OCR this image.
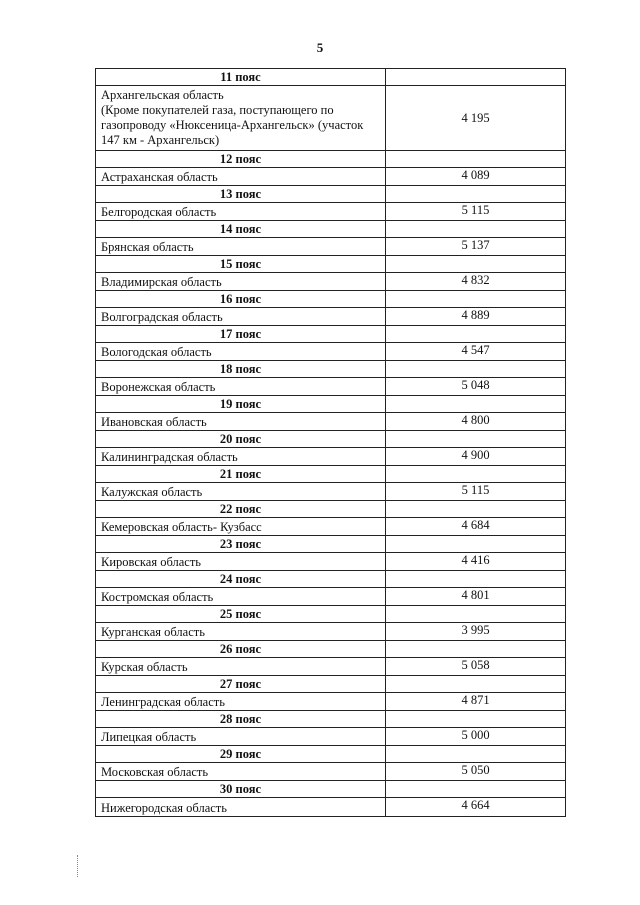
5
11 пояс	

Архангельская область
(Кроме покупателей газа, поступающего по
газопроводу «Нюксеница-Архангельск» (участок
147 км - Архангельск)	4 195
12 пояс	

Астраханская область	4 089
13 пояс	

Белгородская область	5 115
14 пояс	

Брянская область	5 137
15 пояс	

Владимирская область	4 832
16 пояс	

Волгоградская область	4 889
17 пояс	

Вологодская область	4 547
18 пояс	

Воронежская область	5 048
19 пояс	

Ивановская область	4 800
20 пояс	

Калининградская область	4 900
21 пояс	

Калужская область	5 115
22 пояс	

Кемеровская область- Кузбасс	4 684
23 пояс	

Кировская область	4 416
24 пояс	

Костромская область	4 801
25 пояс	

Курганская область	3 995
26 пояс	

Курская область	5 058
27 пояс	

Ленинградская область	4 871
28 пояс	

Липецкая область	5 000
29 пояс	

Московская область	5 050
30 пояс	

Нижегородская область	4 664
